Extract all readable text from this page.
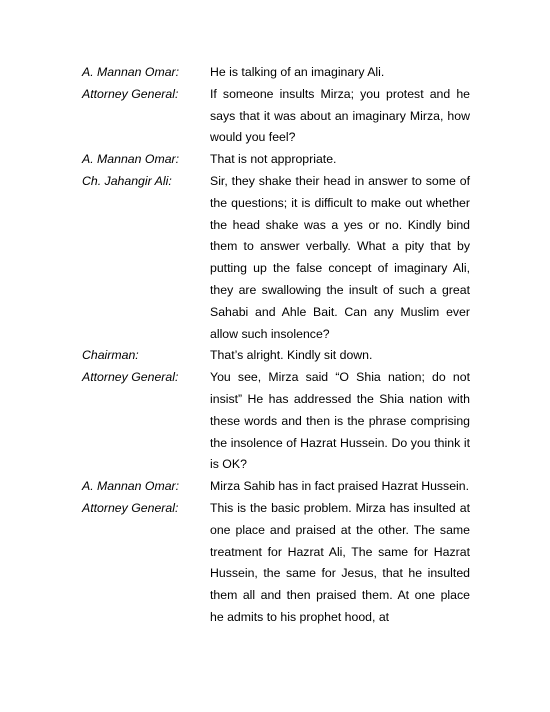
A. Mannan Omar:	He is talking of an imaginary Ali.
Attorney General:	If someone insults Mirza; you protest and he says that it was about an imaginary Mirza, how would you feel?
A. Mannan Omar:	That is not appropriate.
Ch. Jahangir Ali:	Sir, they shake their head in answer to some of the questions; it is difficult to make out whether the head shake was a yes or no. Kindly bind them to answer verbally. What a pity that by putting up the false concept of imaginary Ali, they are swallowing the insult of such a great Sahabi and Ahle Bait. Can any Muslim ever allow such insolence?
Chairman:	That’s alright. Kindly sit down.
Attorney General:	You see, Mirza said “O Shia nation; do not insist” He has addressed the Shia nation with these words and then is the phrase comprising the insolence of Hazrat Hussein. Do you think it is OK?
A. Mannan Omar:	Mirza Sahib has in fact praised Hazrat Hussein.
Attorney General:	This is the basic problem. Mirza has insulted at one place and praised at the other. The same treatment for Hazrat Ali, The same for Hazrat Hussein, the same for Jesus, that he insulted them all and then praised them. At one place he admits to his prophet hood, at
